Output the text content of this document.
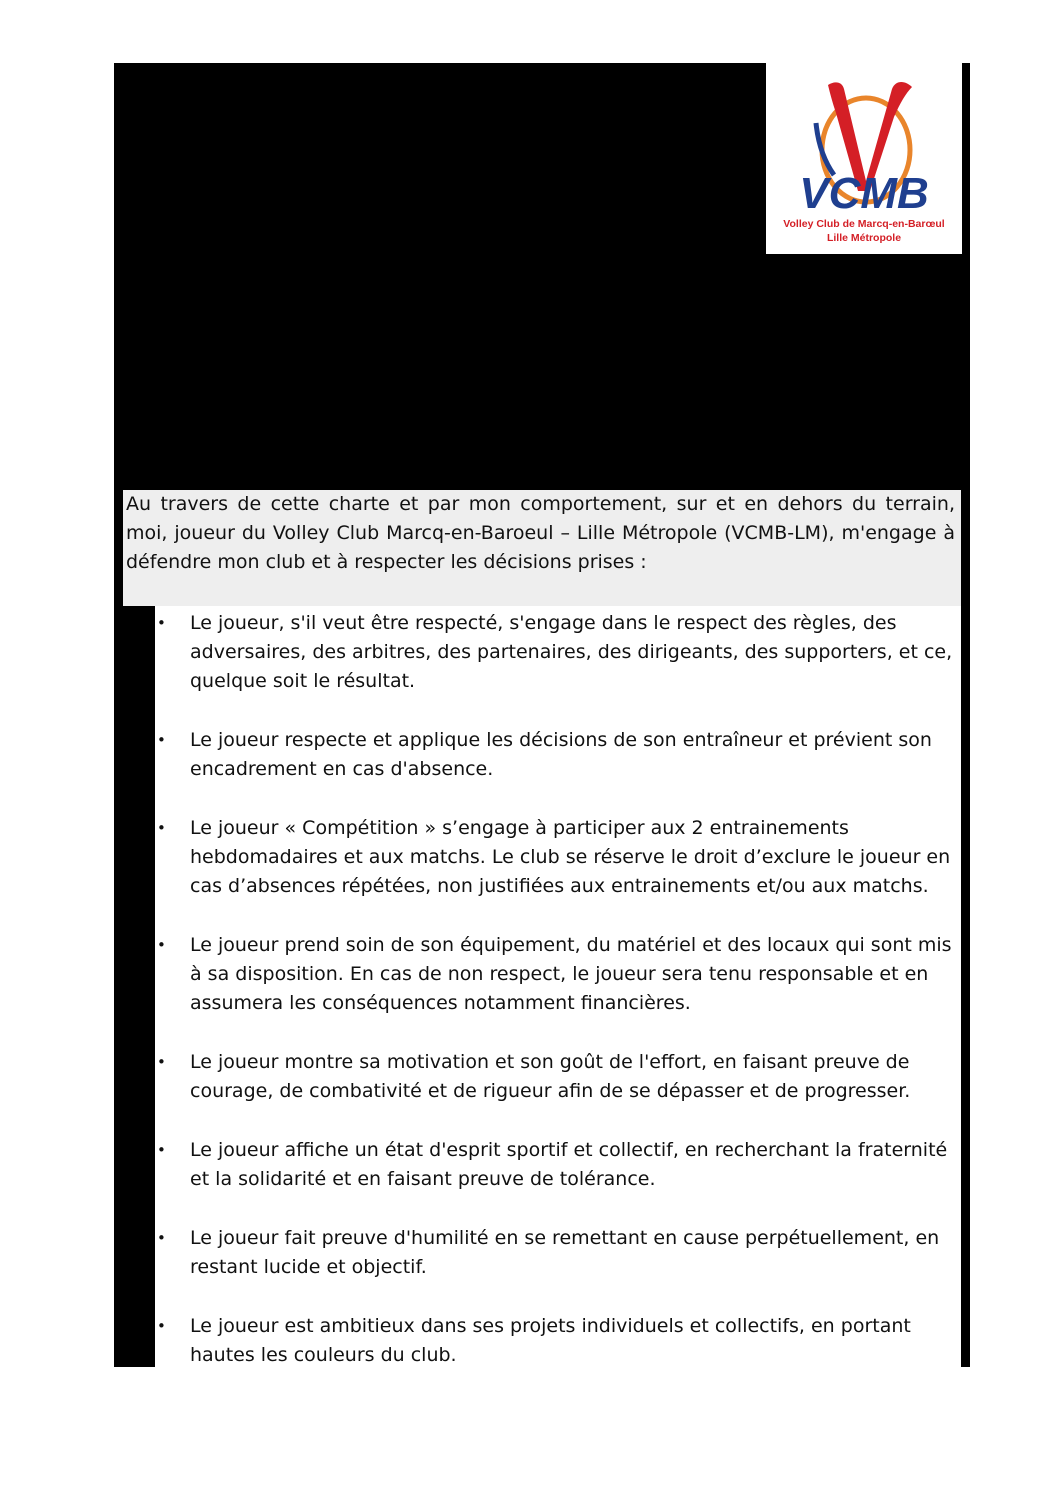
VCMB
Volley Club de Marcq-en-Barœul
Lille Métropole

Au travers de cette charte et par mon comportement, sur et en dehors du terrain, moi, joueur du Volley Club Marcq-en-Baroeul – Lille Métropole (VCMB-LM), m'engage à défendre mon club et à respecter les décisions prises :

• Le joueur, s'il veut être respecté, s'engage dans le respect des règles, des adversaires, des arbitres, des partenaires, des dirigeants, des supporters, et ce, quelque soit le résultat.
• Le joueur respecte et applique les décisions de son entraîneur et prévient son encadrement en cas d'absence.
• Le joueur « Compétition » s’engage à participer aux 2 entrainements hebdomadaires et aux matchs. Le club se réserve le droit d’exclure le joueur en cas d’absences répétées, non justifiées aux entrainements et/ou aux matchs.
• Le joueur prend soin de son équipement, du matériel et des locaux qui sont mis à sa disposition. En cas de non respect, le joueur sera tenu responsable et en assumera les conséquences notamment financières.
• Le joueur montre sa motivation et son goût de l'effort, en faisant preuve de courage, de combativité et de rigueur afin de se dépasser et de progresser.
• Le joueur affiche un état d'esprit sportif et collectif, en recherchant la fraternité et la solidarité et en faisant preuve de tolérance.
• Le joueur fait preuve d'humilité en se remettant en cause perpétuellement, en restant lucide et objectif.
• Le joueur est ambitieux dans ses projets individuels et collectifs, en portant hautes les couleurs du club.
